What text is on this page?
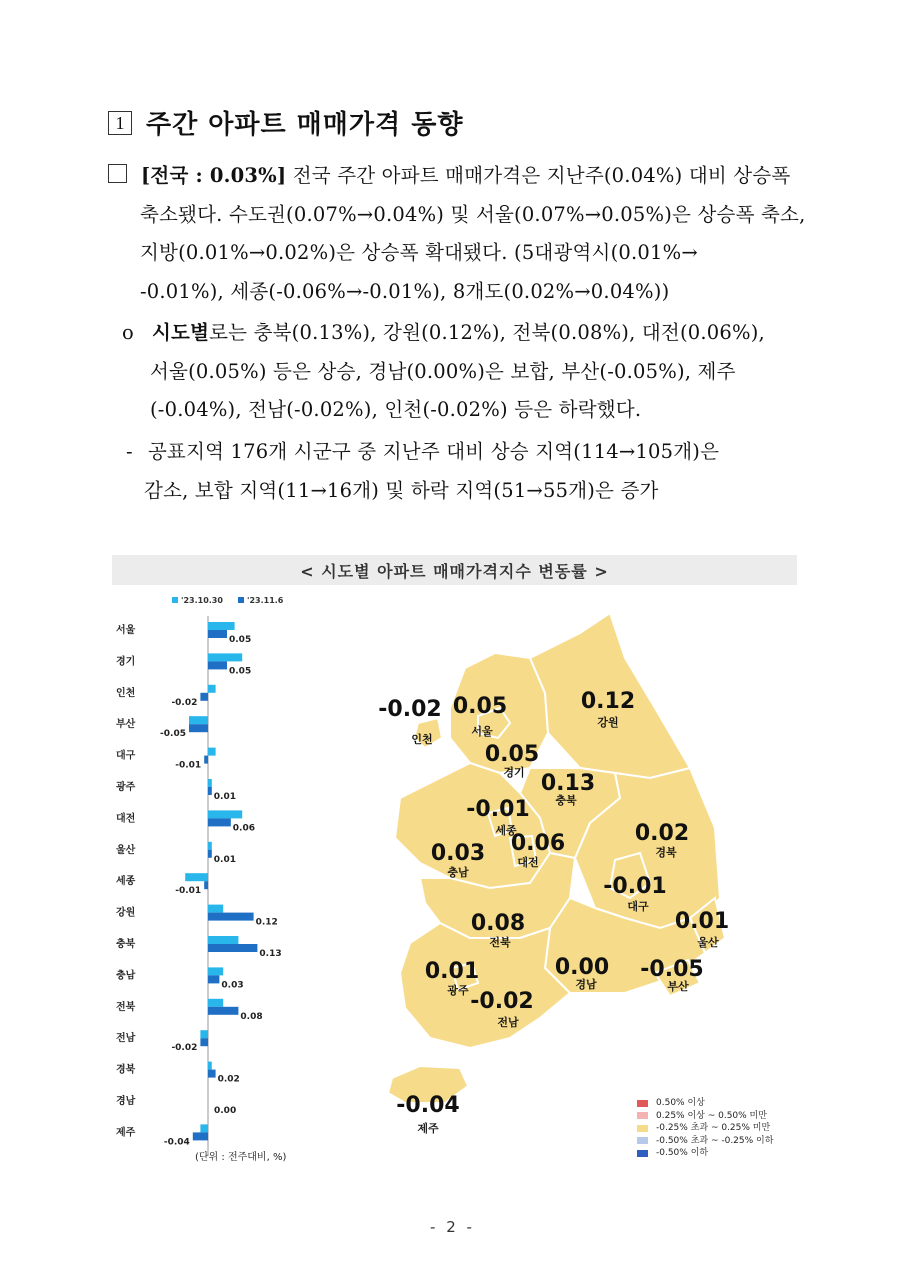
1 주간 아파트 매매가격 동향
[전국 : 0.03%] 전국 주간 아파트 매매가격은 지난주(0.04%) 대비 상승폭
축소됐다. 수도권(0.07%→0.04%) 및 서울(0.07%→0.05%)은 상승폭 축소,
지방(0.01%→0.02%)은 상승폭 확대됐다. (5대광역시(0.01%→
-0.01%), 세종(-0.06%→-0.01%), 8개도(0.02%→0.04%))
o 시도별로는 충북(0.13%), 강원(0.12%), 전북(0.08%), 대전(0.06%),
서울(0.05%) 등은 상승, 경남(0.00%)은 보합, 부산(-0.05%), 제주
(-0.04%), 전남(-0.02%), 인천(-0.02%) 등은 하락했다.
- 공표지역 176개 시군구 중 지난주 대비 상승 지역(114→105개)은
감소, 보합 지역(11→16개) 및 하락 지역(51→55개)은 증가
< 시도별 아파트 매매가격지수 변동률 >
'23.10.30	'23.11.6
서울
0.05
경기
0.05
인천
-0.02
부산
-0.05
대구
-0.01
광주
0.01
대전
0.06
울산
0.01
세종
-0.01
강원
0.12
충북
0.13
충남
0.03
전북
0.08
전남
-0.02
경북
0.02
경남
0.00
제주
-0.04
-0.02
인천
0.05
서울
0.12
강원
0.05
경기 0.13
충북
-0.01
세종
0.06
대전
0.03
충남
0.02
경북
-0.01
대구
0.01
울산
0.08
전북
0.00
경남
-0.05
부산
0.01
광주 -0.02
전남
-0.04
제주
0.50% 이상
0.25% 이상 ~ 0.50% 미만
-0.25% 초과 ~ 0.25% 미만
-0.50% 초과 ~ -0.25% 이하
-0.50% 이하
(단위 : 전주대비, %)
- 2 -
